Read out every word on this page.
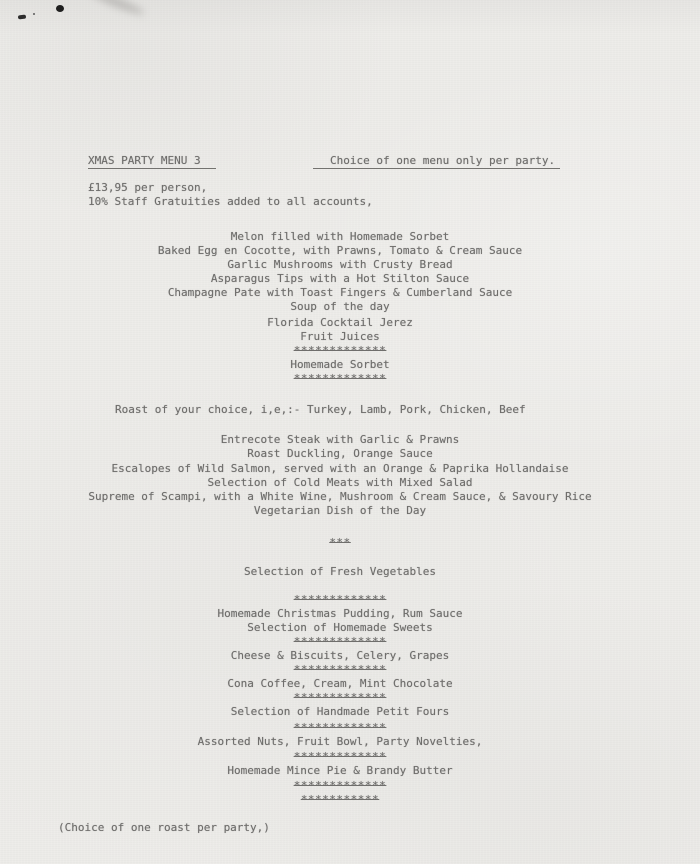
XMAS PARTY MENU 3	Choice of one menu only per party.
£13,95 per person,
10% Staff Gratuities added to all accounts,
Melon filled with Homemade Sorbet
Baked Egg en Cocotte, with Prawns, Tomato & Cream Sauce
Garlic Mushrooms with Crusty Bread
Asparagus Tips with a Hot Stilton Sauce
Champagne Pate with Toast Fingers & Cumberland Sauce
Soup of the day
Florida Cocktail Jerez
Fruit Juices
*************
Homemade Sorbet
*************
Roast of your choice, i,e,:- Turkey, Lamb, Pork, Chicken, Beef
Entrecote Steak with Garlic & Prawns
Roast Duckling, Orange Sauce
Escalopes of Wild Salmon, served with an Orange & Paprika Hollandaise
Selection of Cold Meats with Mixed Salad
Supreme of Scampi, with a White Wine, Mushroom & Cream Sauce, & Savoury Rice
Vegetarian Dish of the Day
***
Selection of Fresh Vegetables
*************
Homemade Christmas Pudding, Rum Sauce
Selection of Homemade Sweets
*************
Cheese & Biscuits, Celery, Grapes
*************
Cona Coffee, Cream, Mint Chocolate
*************
Selection of Handmade Petit Fours
*************
Assorted Nuts, Fruit Bowl, Party Novelties,
*************
Homemade Mince Pie & Brandy Butter
*************
***********
(Choice of one roast per party,)
